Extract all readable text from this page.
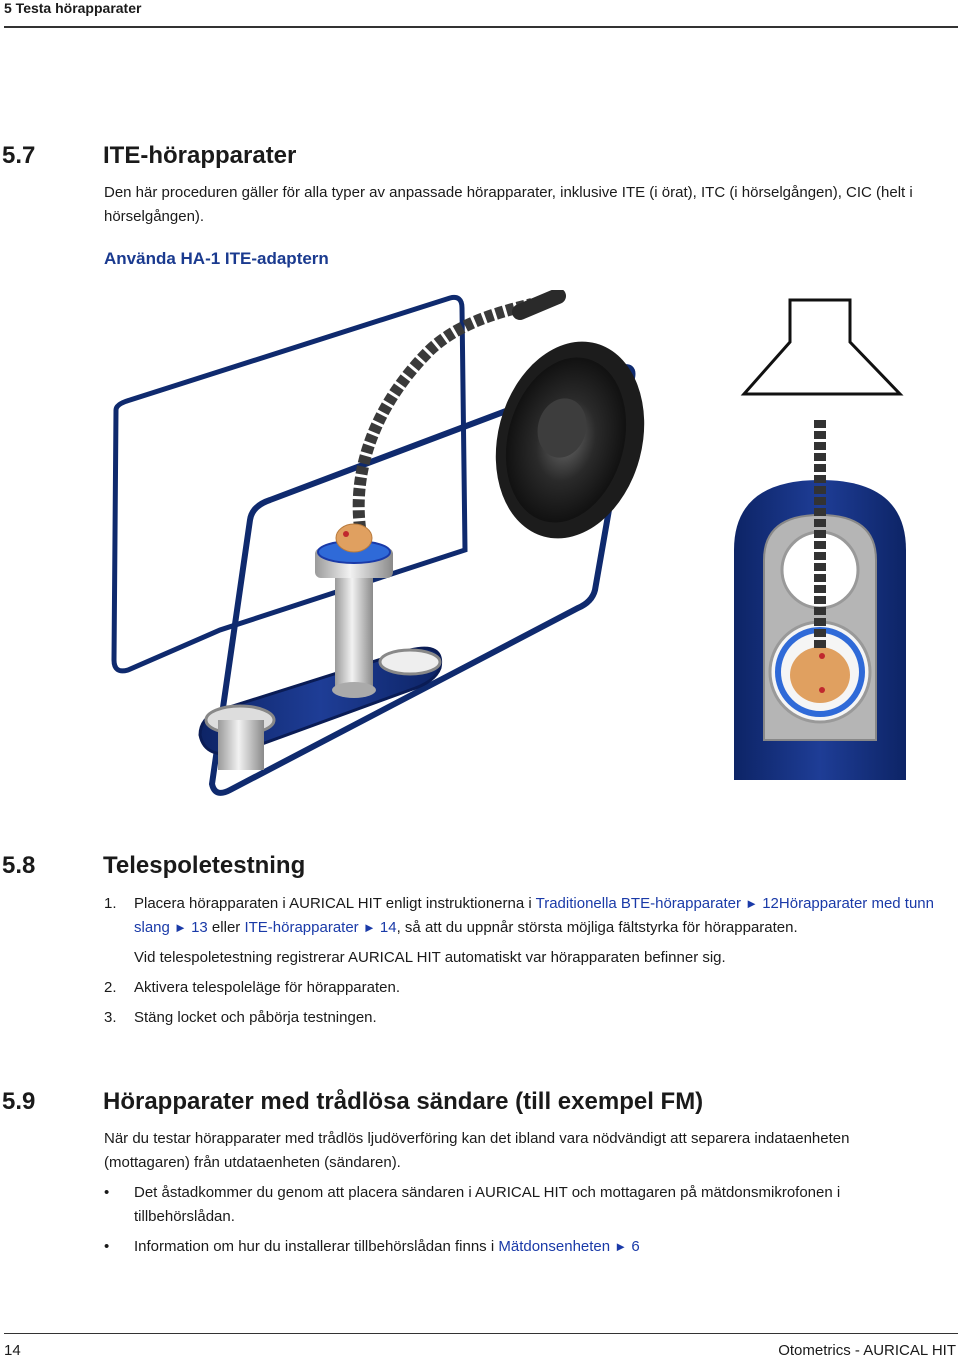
5 Testa hörapparater
5.7	ITE-hörapparater
Den här proceduren gäller för alla typer av anpassade hörapparater, inklusive ITE (i örat), ITC (i hörselgången), CIC (helt i hörselgången).
Använda HA-1 ITE-adaptern
5.8	Telespoletestning
1. Placera hörapparaten i AURICAL HIT enligt instruktionerna i Traditionella BTE-hörapparater ► 12Hörapparater med tunn slang ► 13 eller ITE-hörapparater ► 14, så att du uppnår största möjliga fältstyrka för hörapparaten.
Vid telespoletestning registrerar AURICAL HIT automatiskt var hörapparaten befinner sig.
2. Aktivera telespoleläge för hörapparaten.
3. Stäng locket och påbörja testningen.
5.9	Hörapparater med trådlösa sändare (till exempel FM)
När du testar hörapparater med trådlös ljudöverföring kan det ibland vara nödvändigt att separera indataenheten (mottagaren) från utdataenheten (sändaren).
• Det åstadkommer du genom att placera sändaren i AURICAL HIT och mottagaren på mätdonsmikrofonen i tillbehörslådan.
• Information om hur du installerar tillbehörslådan finns i Mätdonsenheten ► 6
14	Otometrics - AURICAL HIT
